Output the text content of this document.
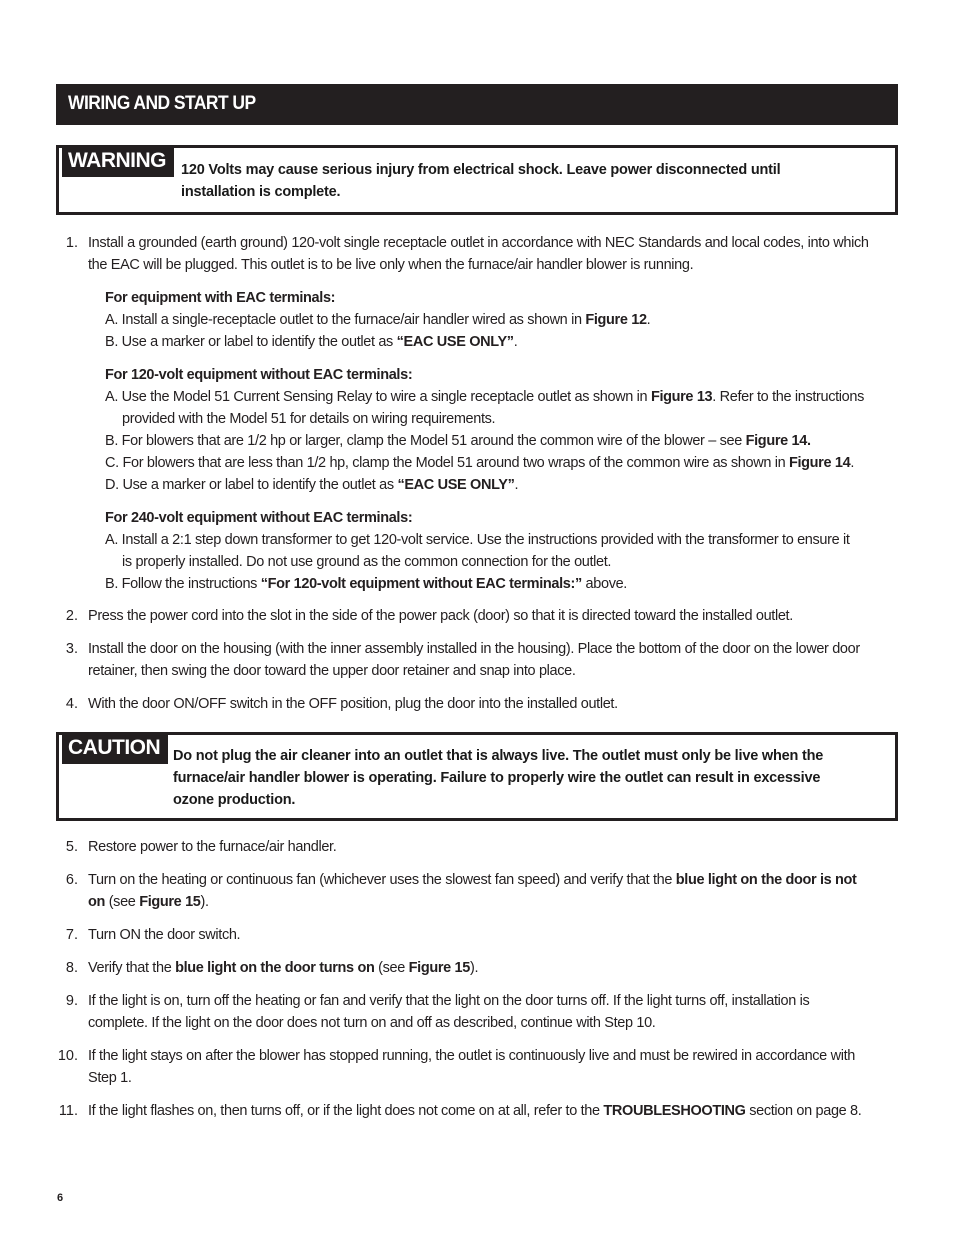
WIRING AND START UP
WARNING	120 Volts may cause serious injury from electrical shock. Leave power disconnected until
installation is complete.
1. Install a grounded (earth ground) 120-volt single receptacle outlet in accordance with NEC Standards and local codes, into which
the EAC will be plugged. This outlet is to be live only when the furnace/air handler blower is running.
For equipment with EAC terminals:
A. Install a single-receptacle outlet to the furnace/air handler wired as shown in Figure 12.
B. Use a marker or label to identify the outlet as “EAC USE ONLY”.
For 120-volt equipment without EAC terminals:
A. Use the Model 51 Current Sensing Relay to wire a single receptacle outlet as shown in Figure 13. Refer to the instructions
provided with the Model 51 for details on wiring requirements.
B. For blowers that are 1/2 hp or larger, clamp the Model 51 around the common wire of the blower – see Figure 14.
C. For blowers that are less than 1/2 hp, clamp the Model 51 around two wraps of the common wire as shown in Figure 14.
D. Use a marker or label to identify the outlet as “EAC USE ONLY”.
For 240-volt equipment without EAC terminals:
A. Install a 2:1 step down transformer to get 120-volt service. Use the instructions provided with the transformer to ensure it
is properly installed. Do not use ground as the common connection for the outlet.
B. Follow the instructions “For 120-volt equipment without EAC terminals:” above.
2. Press the power cord into the slot in the side of the power pack (door) so that it is directed toward the installed outlet.
3. Install the door on the housing (with the inner assembly installed in the housing). Place the bottom of the door on the lower door
retainer, then swing the door toward the upper door retainer and snap into place.
4. With the door ON/OFF switch in the OFF position, plug the door into the installed outlet.
CAUTION Do not plug the air cleaner into an outlet that is always live. The outlet must only be live when the
furnace/air handler blower is operating. Failure to properly wire the outlet can result in excessive
ozone production.
5. Restore power to the furnace/air handler.
6. Turn on the heating or continuous fan (whichever uses the slowest fan speed) and verify that the blue light on the door is not
on (see Figure 15).
7. Turn ON the door switch.
8. Verify that the blue light on the door turns on (see Figure 15).
9. If the light is on, turn off the heating or fan and verify that the light on the door turns off. If the light turns off, installation is
complete. If the light on the door does not turn on and off as described, continue with Step 10.
10. If the light stays on after the blower has stopped running, the outlet is continuously live and must be rewired in accordance with
Step 1.
11. If the light flashes on, then turns off, or if the light does not come on at all, refer to the TROUBLESHOOTING section on page 8.
6
